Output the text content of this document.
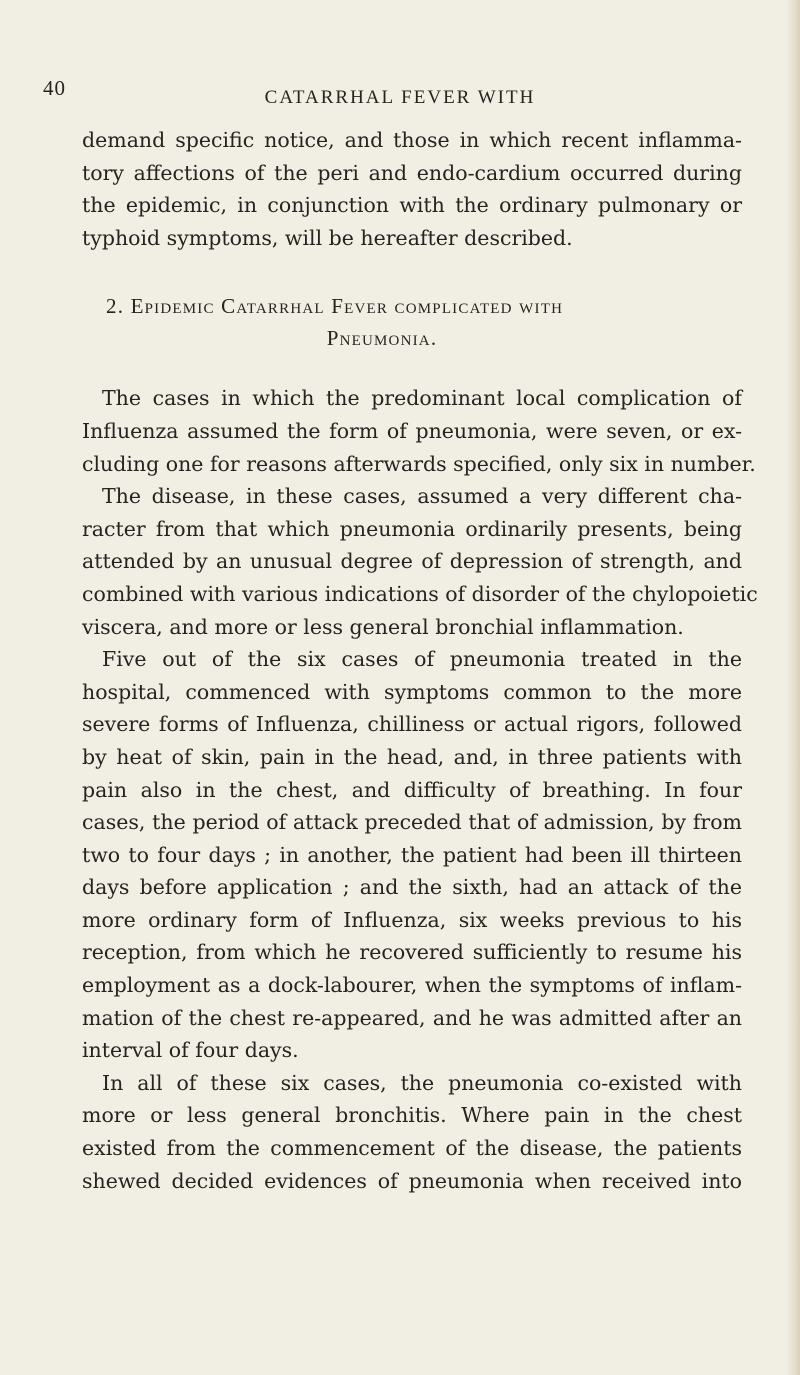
40	CATARRHAL FEVER WITH
demand specific notice, and those in which recent inflamma-
tory affections of the peri and endo-cardium occurred during
the epidemic, in conjunction with the ordinary pulmonary or
typhoid symptoms, will be hereafter described.
2. Epidemic Catarrhal Fever complicated with
Pneumonia.
The cases in which the predominant local complication of
Influenza assumed the form of pneumonia, were seven, or ex-
cluding one for reasons afterwards specified, only six in number.
The disease, in these cases, assumed a very different cha-
racter from that which pneumonia ordinarily presents, being
attended by an unusual degree of depression of strength, and
combined with various indications of disorder of the chylopoietic
viscera, and more or less general bronchial inflammation.
Five out of the six cases of pneumonia treated in the
hospital, commenced with symptoms common to the more
severe forms of Influenza, chilliness or actual rigors, followed
by heat of skin, pain in the head, and, in three patients with
pain also in the chest, and difficulty of breathing. In four
cases, the period of attack preceded that of admission, by from
two to four days ; in another, the patient had been ill thirteen
days before application ; and the sixth, had an attack of the
more ordinary form of Influenza, six weeks previous to his
reception, from which he recovered sufficiently to resume his
employment as a dock-labourer, when the symptoms of inflam-
mation of the chest re-appeared, and he was admitted after an
interval of four days.
In all of these six cases, the pneumonia co-existed with
more or less general bronchitis. Where pain in the chest
existed from the commencement of the disease, the patients
shewed decided evidences of pneumonia when received into
